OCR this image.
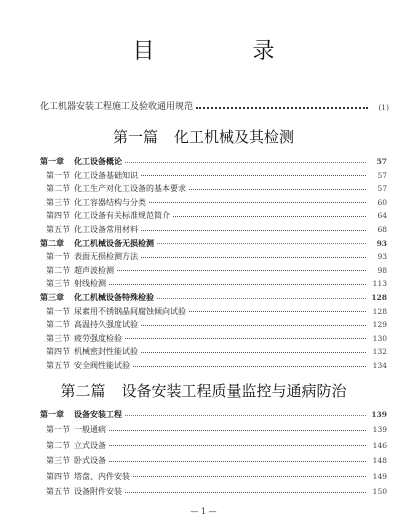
目　录
化工机器安装工程施工及验收通用规范	(1)
第一篇 化工机械及其检测
第一章	化工设备概论	57
第一节 化工设备基础知识	57
第二节 化工生产对化工设备的基本要求	57
第三节 化工容器结构与分类	60
第四节 化工设备有关标准规范简介	64
第五节 化工设备常用材料	68
第二章	化工机械设备无损检测	93
第一节 表面无损检测方法	93
第二节 超声波检测	98
第三节 射线检测	113
第三章	化工机械设备特殊检验	128
第一节 尿素用不锈钢晶间腐蚀倾向试验	128
第二节 高温持久强度试验	129
第三节 疲劳强度检验	130
第四节 机械密封性能试验	132
第五节 安全阀性能试验	134
第二篇 设备安装工程质量监控与通病防治
第一章	设备安装工程	139
第一节 一般通病	139
第二节 立式设备	146
第三节 卧式设备	148
第四节 塔盘、内件安装	149
第五节 设备附件安装	150
— 1 —
